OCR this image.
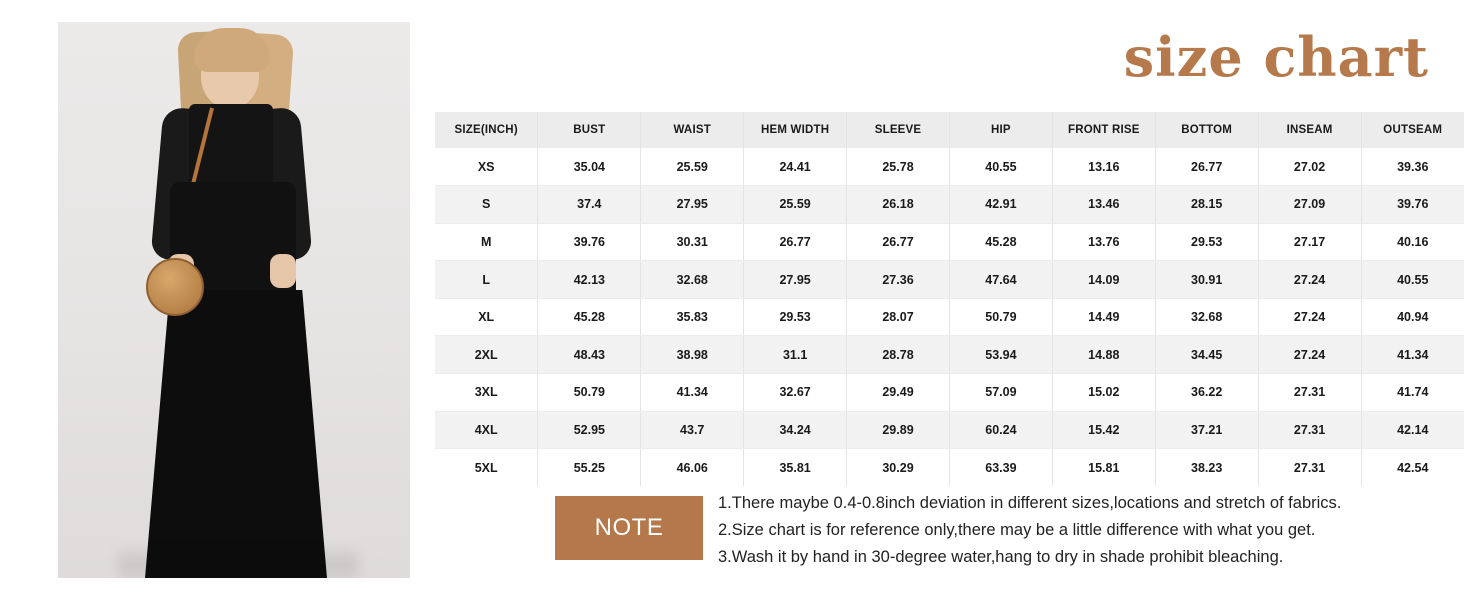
size chart
SIZE(INCH)	BUST	WAIST	HEM WIDTH	SLEEVE	HIP	FRONT RISE	BOTTOM	INSEAM	OUTSEAM
XS	35.04	25.59	24.41	25.78	40.55	13.16	26.77	27.02	39.36
S	37.4	27.95	25.59	26.18	42.91	13.46	28.15	27.09	39.76
M	39.76	30.31	26.77	26.77	45.28	13.76	29.53	27.17	40.16
L	42.13	32.68	27.95	27.36	47.64	14.09	30.91	27.24	40.55
XL	45.28	35.83	29.53	28.07	50.79	14.49	32.68	27.24	40.94
2XL	48.43	38.98	31.1	28.78	53.94	14.88	34.45	27.24	41.34
3XL	50.79	41.34	32.67	29.49	57.09	15.02	36.22	27.31	41.74
4XL	52.95	43.7	34.24	29.89	60.24	15.42	37.21	27.31	42.14
5XL	55.25	46.06	35.81	30.29	63.39	15.81	38.23	27.31	42.54
NOTE
1.There maybe 0.4-0.8inch deviation in different sizes,locations and stretch of fabrics.
2.Size chart is for reference only,there may be a little difference with what you get.
3.Wash it by hand in 30-degree water,hang to dry in shade prohibit bleaching.
